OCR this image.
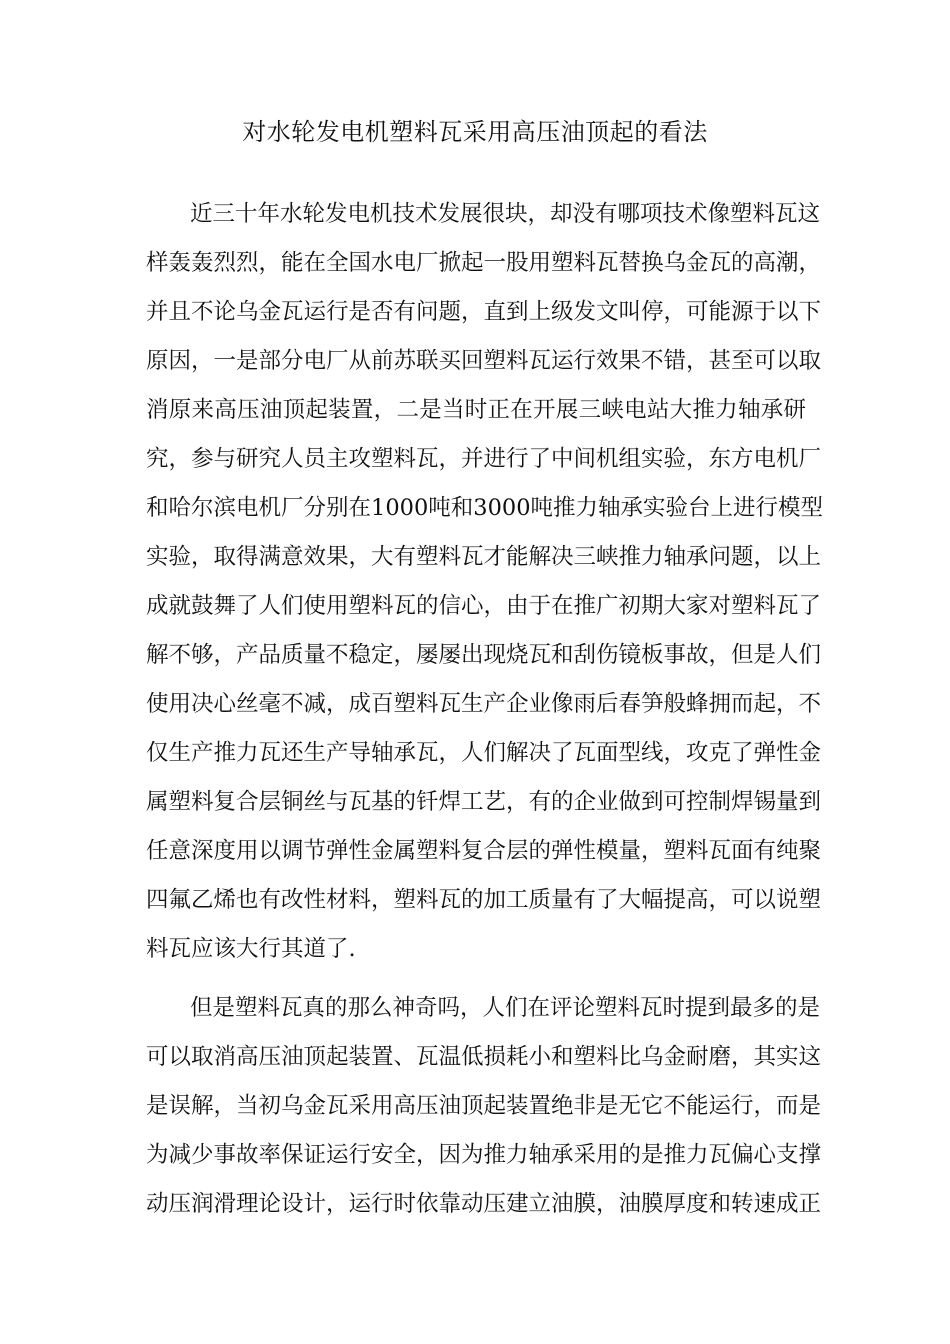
对水轮发电机塑料瓦采用高压油顶起的看法
近三十年水轮发电机技术发展很块，却没有哪项技术像塑料瓦这
样轰轰烈烈，能在全国水电厂掀起一股用塑料瓦替换乌金瓦的高潮，
并且不论乌金瓦运行是否有问题，直到上级发文叫停，可能源于以下
原因，一是部分电厂从前苏联买回塑料瓦运行效果不错，甚至可以取
消原来高压油顶起装置，二是当时正在开展三峡电站大推力轴承研
究，参与研究人员主攻塑料瓦，并进行了中间机组实验，东方电机厂
和哈尔滨电机厂分别在1000吨和3000吨推力轴承实验台上进行模型
实验，取得满意效果，大有塑料瓦才能解决三峡推力轴承问题，以上
成就鼓舞了人们使用塑料瓦的信心，由于在推广初期大家对塑料瓦了
解不够，产品质量不稳定，屡屡出现烧瓦和刮伤镜板事故，但是人们
使用决心丝毫不减，成百塑料瓦生产企业像雨后春笋般蜂拥而起，不
仅生产推力瓦还生产导轴承瓦，人们解决了瓦面型线，攻克了弹性金
属塑料复合层铜丝与瓦基的钎焊工艺，有的企业做到可控制焊锡量到
任意深度用以调节弹性金属塑料复合层的弹性模量，塑料瓦面有纯聚
四氟乙烯也有改性材料，塑料瓦的加工质量有了大幅提高，可以说塑
料瓦应该大行其道了.
但是塑料瓦真的那么神奇吗，人们在评论塑料瓦时提到最多的是
可以取消高压油顶起装置、瓦温低损耗小和塑料比乌金耐磨，其实这
是误解，当初乌金瓦采用高压油顶起装置绝非是无它不能运行，而是
为减少事故率保证运行安全，因为推力轴承采用的是推力瓦偏心支撑
动压润滑理论设计，运行时依靠动压建立油膜，油膜厚度和转速成正
